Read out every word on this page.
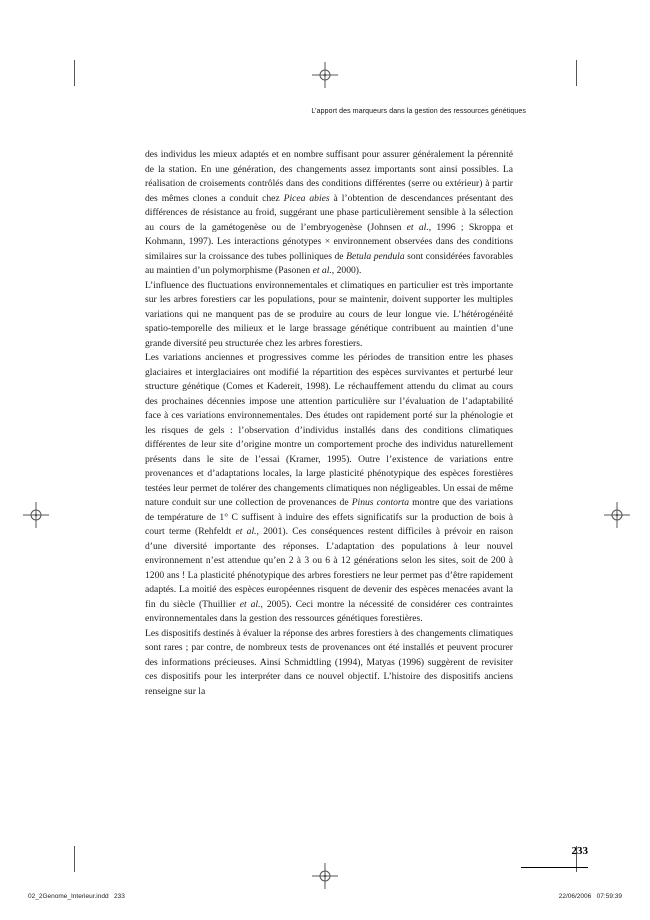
L’apport des marqueurs dans la gestion des ressources génétiques

des individus les mieux adaptés et en nombre suffisant pour assurer généralement la pérennité de la station. En une génération, des changements assez importants sont ainsi possibles. La réalisation de croisements contrôlés dans des conditions différentes (serre ou extérieur) à partir des mêmes clones a conduit chez Picea abies à l’obtention de descendances présentant des différences de résistance au froid, suggérant une phase particulièrement sensible à la sélection au cours de la gamétogenèse ou de l’embryogenèse (Johnsen et al., 1996 ; Skroppa et Kohmann, 1997). Les interactions génotypes × environnement observées dans des conditions similaires sur la croissance des tubes polliniques de Betula pendula sont considérées favorables au maintien d’un polymorphisme (Pasonen et al., 2000).

L’influence des fluctuations environnementales et climatiques en particulier est très importante sur les arbres forestiers car les populations, pour se maintenir, doivent supporter les multiples variations qui ne manquent pas de se produire au cours de leur longue vie. L’hétérogénéité spatio-temporelle des milieux et le large brassage génétique contribuent au maintien d’une grande diversité peu structurée chez les arbres forestiers.

Les variations anciennes et progressives comme les périodes de transition entre les phases glaciaires et interglaciaires ont modifié la répartition des espèces survivantes et perturbé leur structure génétique (Comes et Kadereit, 1998). Le réchauffement attendu du climat au cours des prochaines décennies impose une attention particulière sur l’évaluation de l’adaptabilité face à ces variations environnementales. Des études ont rapidement porté sur la phénologie et les risques de gels : l’observation d’individus installés dans des conditions climatiques différentes de leur site d’origine montre un comportement proche des individus naturellement présents dans le site de l’essai (Kramer, 1995). Outre l’existence de variations entre provenances et d’adaptations locales, la large plasticité phénotypique des espèces forestières testées leur permet de tolérer des changements climatiques non négligeables. Un essai de même nature conduit sur une collection de provenances de Pinus contorta montre que des variations de température de 1° C suffisent à induire des effets significatifs sur la production de bois à court terme (Rehfeldt et al., 2001). Ces conséquences restent difficiles à prévoir en raison d’une diversité importante des réponses. L’adaptation des populations à leur nouvel environnement n’est attendue qu’en 2 à 3 ou 6 à 12 générations selon les sites, soit de 200 à 1200 ans ! La plasticité phénotypique des arbres forestiers ne leur permet pas d’être rapidement adaptés. La moitié des espèces européennes risquent de devenir des espèces menacées avant la fin du siècle (Thuillier et al., 2005). Ceci montre la nécessité de considérer ces contraintes environnementales dans la gestion des ressources génétiques forestières.

Les dispositifs destinés à évaluer la réponse des arbres forestiers à des changements climatiques sont rares ; par contre, de nombreux tests de provenances ont été installés et peuvent procurer des informations précieuses. Ainsi Schmidtling (1994), Matyas (1996) suggèrent de revisiter ces dispositifs pour les interpréter dans ce nouvel objectif. L’histoire des dispositifs anciens renseigne sur la

233
02_2Genome_Interieur.indd   233	22/06/2006   07:59:39
